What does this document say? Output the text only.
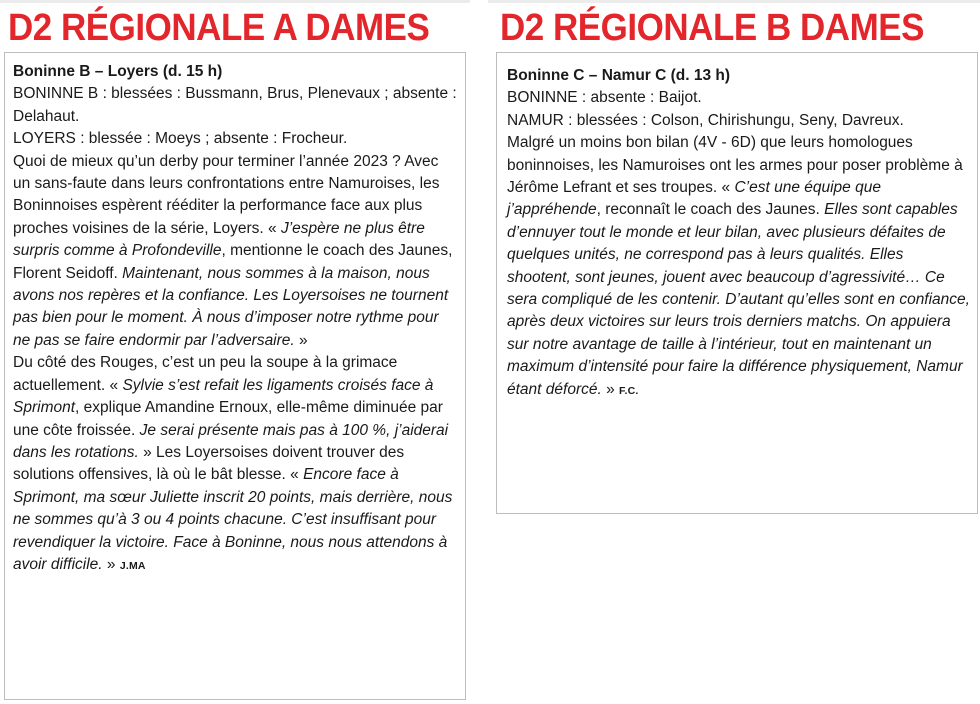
D2 RÉGIONALE A DAMES

Boninne B – Loyers (d. 15 h)

BONINNE B : blessées : Bussmann, Brus, Plenevaux ; absente : Delahaut.

LOYERS : blessée : Moeys ; absente : Frocheur.

Quoi de mieux qu’un derby pour terminer l’année 2023 ? Avec un sans-faute dans leurs confrontations entre Namuroises, les Boninnoises espèrent rééditer la performance face aux plus proches voisines de la série, Loyers. « J’espère ne plus être surpris comme à Profondeville, mentionne le coach des Jaunes, Florent Seidoff. Maintenant, nous sommes à la maison, nous avons nos repères et la confiance. Les Loyersoises ne tournent pas bien pour le moment. À nous d’imposer notre rythme pour ne pas se faire endormir par l’adversaire. »

Du côté des Rouges, c’est un peu la soupe à la grimace actuellement. « Sylvie s’est refait les ligaments croisés face à Sprimont, explique Amandine Ernoux, elle-même diminuée par une côte froissée. Je serai présente mais pas à 100 %, j’aiderai dans les rotations. » Les Loyersoises doivent trouver des solutions offensives, là où le bât blesse. « Encore face à Sprimont, ma sœur Juliette inscrit 20 points, mais derrière, nous ne sommes qu’à 3 ou 4 points chacune. C’est insuffisant pour revendiquer la victoire. Face à Boninne, nous nous attendons à avoir difficile. » J.MA

D2 RÉGIONALE B DAMES

Boninne C – Namur C (d. 13 h)

BONINNE : absente : Baijot.

NAMUR : blessées : Colson, Chirishungu, Seny, Davreux.

Malgré un moins bon bilan (4V - 6D) que leurs homologues boninnoises, les Namuroises ont les armes pour poser problème à Jérôme Lefrant et ses troupes. « C’est une équipe que j’appréhende, reconnaît le coach des Jaunes. Elles sont capables d’ennuyer tout le monde et leur bilan, avec plusieurs défaites de quelques unités, ne correspond pas à leurs qualités. Elles shootent, sont jeunes, jouent avec beaucoup d’agressivité… Ce sera compliqué de les contenir. D’autant qu’elles sont en confiance, après deux victoires sur leurs trois derniers matchs. On appuiera sur notre avantage de taille à l’intérieur, tout en maintenant un maximum d’intensité pour faire la différence physiquement, Namur étant déforcé. » F.C.
